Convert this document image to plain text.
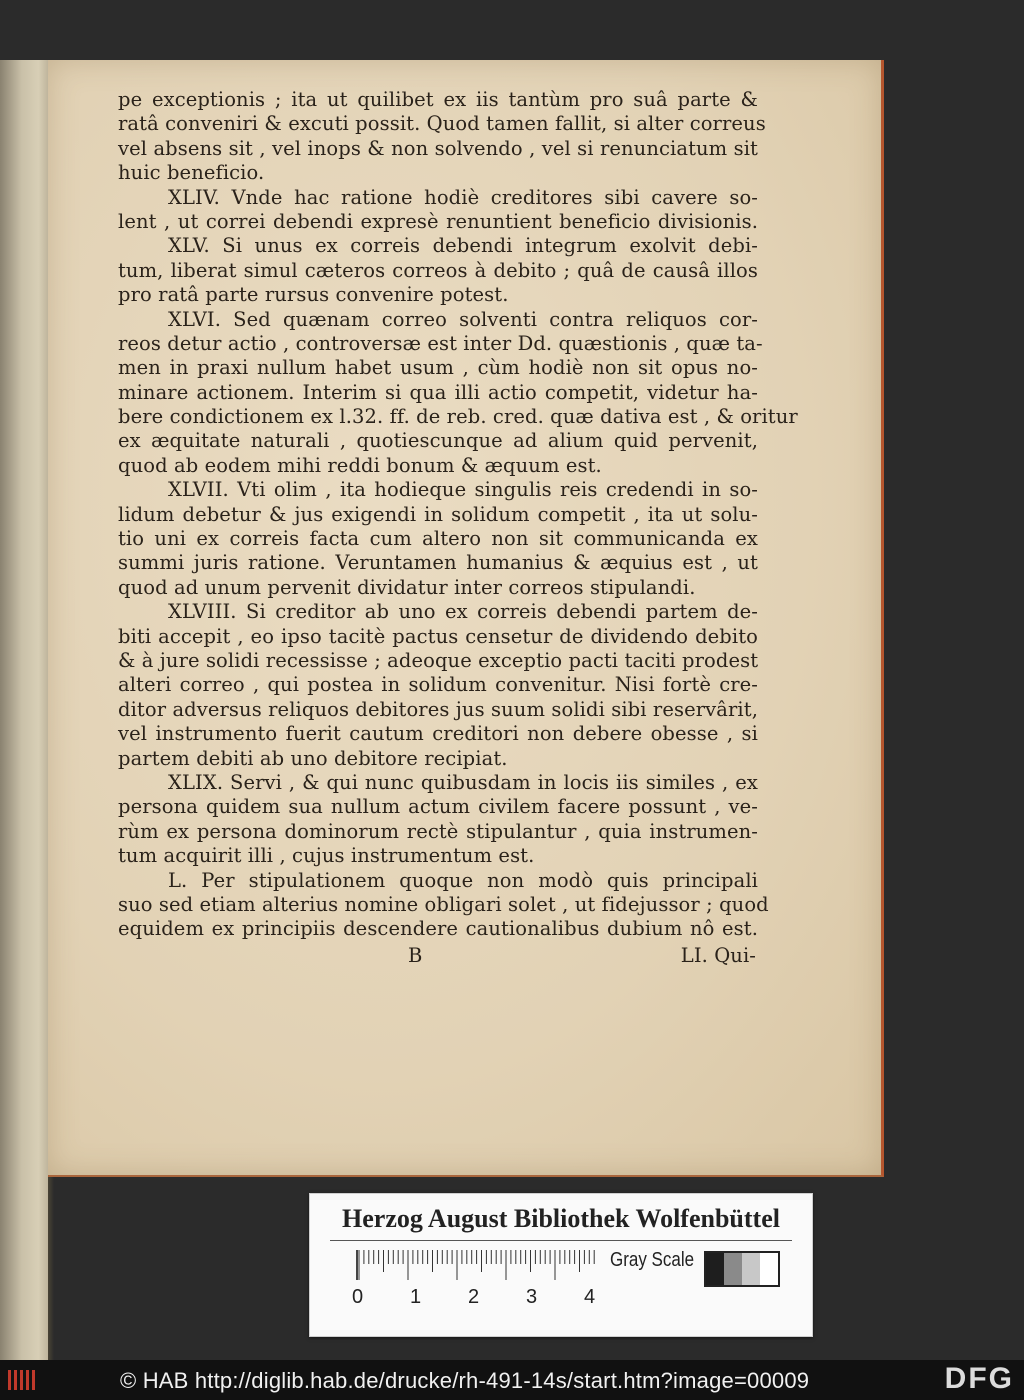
pe exceptionis ; ita ut quilibet ex iis tantùm pro suâ parte &
ratâ conveniri & excuti possit. Quod tamen fallit, si alter correus
vel absens sit , vel inops & non solvendo , vel si renunciatum sit
huic beneficio.
XLIV. Vnde hac ratione hodiè creditores sibi cavere so-
lent , ut correi debendi expresè renuntient beneficio divisionis.
XLV. Si unus ex correis debendi integrum exolvit debi-
tum, liberat simul cæteros correos à debito ; quâ de causâ illos
pro ratâ parte rursus convenire potest.
XLVI. Sed quænam correo solventi contra reliquos cor-
reos detur actio , controversæ est inter Dd. quæstionis , quæ ta-
men in praxi nullum habet usum , cùm hodiè non sit opus no-
minare actionem. Interim si qua illi actio competit, videtur ha-
bere condictionem ex l.32. ff. de reb. cred. quæ dativa est , & oritur
ex æquitate naturali , quotiescunque ad alium quid pervenit,
quod ab eodem mihi reddi bonum & æquum est.
XLVII. Vti olim , ita hodieque singulis reis credendi in so-
lidum debetur & jus exigendi in solidum competit , ita ut solu-
tio uni ex correis facta cum altero non sit communicanda ex
summi juris ratione. Veruntamen humanius & æquius est , ut
quod ad unum pervenit dividatur inter correos stipulandi.
XLVIII. Si creditor ab uno ex correis debendi partem de-
biti accepit , eo ipso tacitè pactus censetur de dividendo debito
& à jure solidi recessisse ; adeoque exceptio pacti taciti prodest
alteri correo , qui postea in solidum convenitur. Nisi fortè cre-
ditor adversus reliquos debitores jus suum solidi sibi reservârit,
vel instrumento fuerit cautum creditori non debere obesse , si
partem debiti ab uno debitore recipiat.
XLIX. Servi , & qui nunc quibusdam in locis iis similes , ex
persona quidem sua nullum actum civilem facere possunt , ve-
rùm ex persona dominorum rectè stipulantur , quia instrumen-
tum acquirit illi , cujus instrumentum est.
L. Per stipulationem quoque non modò quis principali
suo sed etiam alterius nomine obligari solet , ut fidejussor ; quod
equidem ex principiis descendere cautionalibus dubium nô est.
B	LI. Qui-
Herzog August Bibliothek Wolfenbüttel
0 1 2 3 4
Gray Scale
© HAB http://diglib.hab.de/drucke/rh-491-14s/start.htm?image=00009	DFG
